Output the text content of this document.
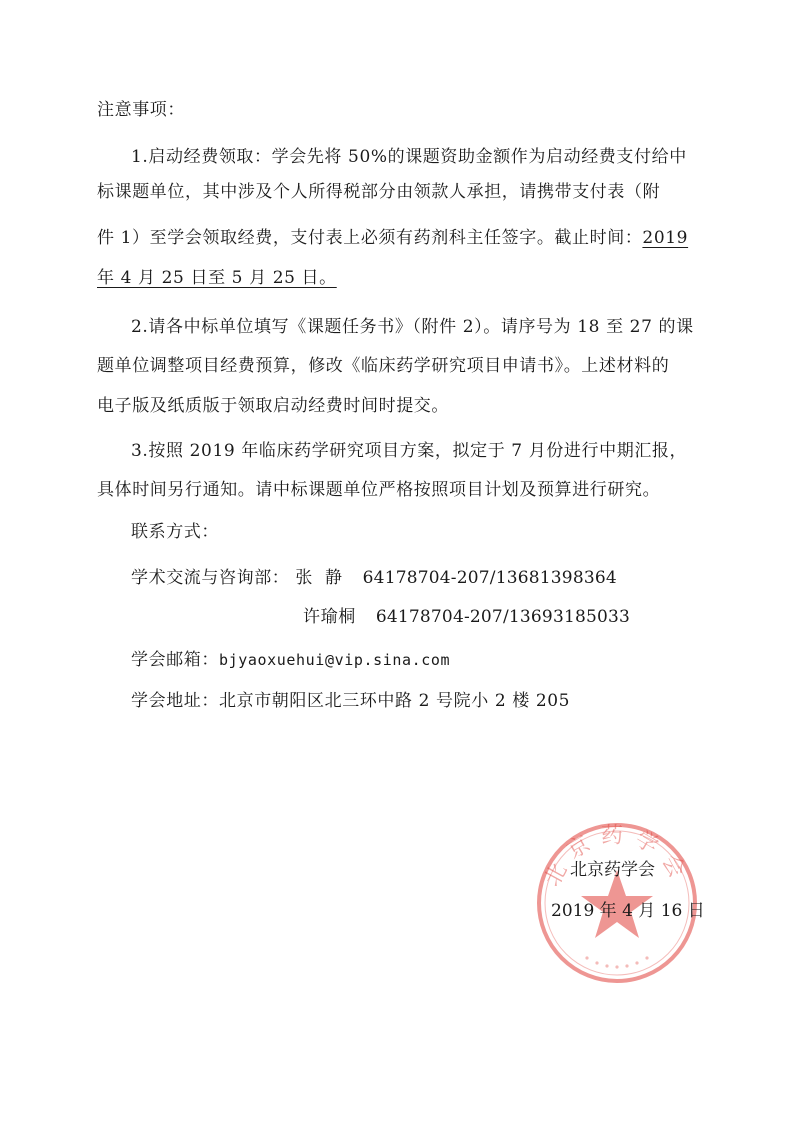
注意事项：
1.启动经费领取：学会先将 50%的课题资助金额作为启动经费支付给中
标课题单位，其中涉及个人所得税部分由领款人承担，请携带支付表（附
件 1）至学会领取经费，支付表上必须有药剂科主任签字。截止时间：2019
年 4 月 25 日至 5 月 25 日。
2.请各中标单位填写《课题任务书》（附件 2）。请序号为 18 至 27 的课
题单位调整项目经费预算，修改《临床药学研究项目申请书》。上述材料的
电子版及纸质版于领取启动经费时间时提交。
3.按照 2019 年临床药学研究项目方案，拟定于 7 月份进行中期汇报，
具体时间另行通知。请中标课题单位严格按照项目计划及预算进行研究。
联系方式：
学术交流与咨询部： 张  静 64178704-207/13681398364
许瑜桐 64178704-207/13693185033
学会邮箱：bjyaoxuehui@vip.sina.com
学会地址：北京市朝阳区北三环中路 2 号院小 2 楼 205
北京药学会
北京药学会
2019 年 4 月 16 日
